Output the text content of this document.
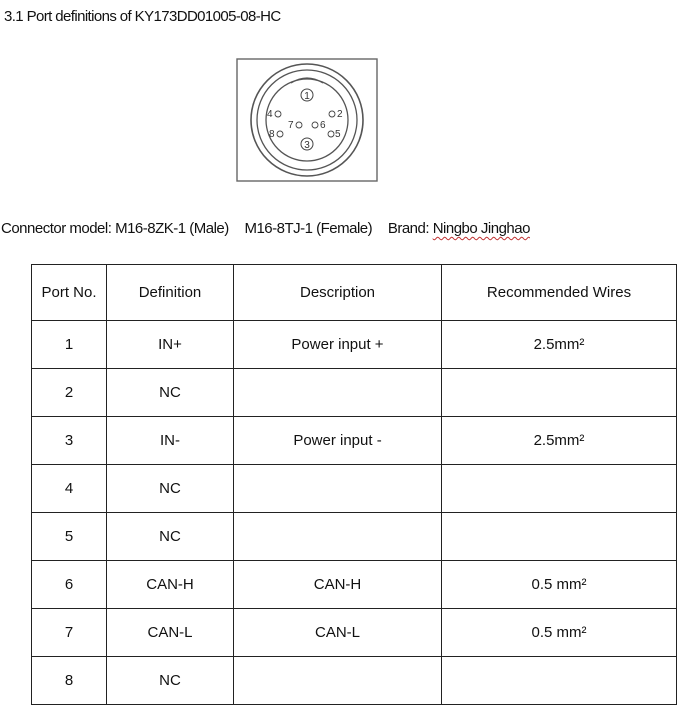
3.1 Port definitions of KY173DD01005-08-HC
1
4	2
7	6
8	5
3
Connector model: M16-8ZK-1 (Male) M16-8TJ-1 (Female) Brand: Ningbo Jinghao
Port No.	Definition	Description	Recommended Wires
1	IN+	Power input +	2.5mm²
2	NC		
3	IN-	Power input -	2.5mm²
4	NC		
5	NC		
6	CAN-H	CAN-H	0.5 mm²
7	CAN-L	CAN-L	0.5 mm²
8	NC		
